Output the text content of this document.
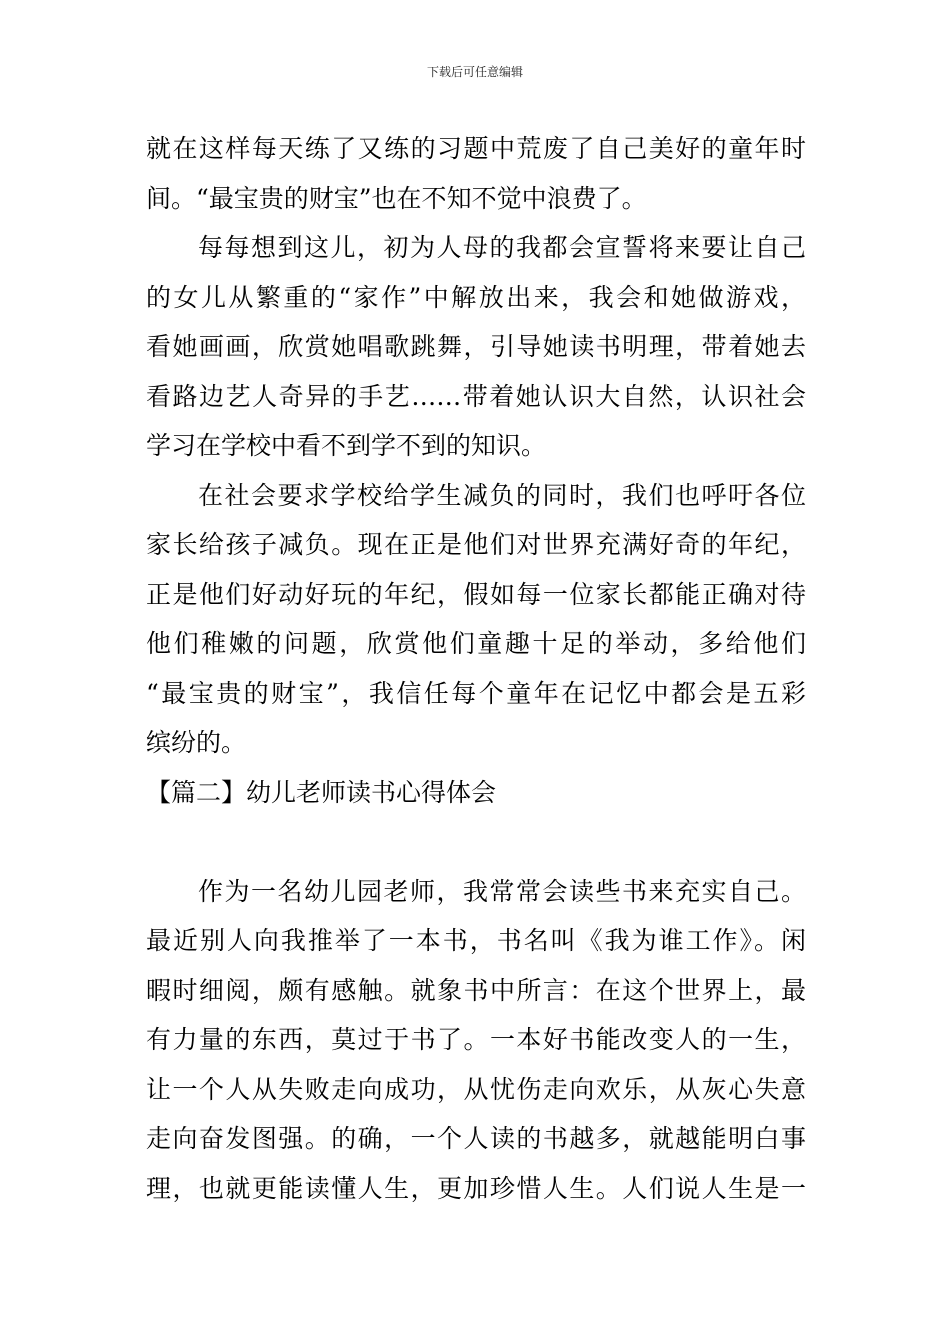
下载后可任意编辑
就在这样每天练了又练的习题中荒废了自己美好的童年时
间。“最宝贵的财宝”也在不知不觉中浪费了。
每每想到这儿，初为人母的我都会宣誓将来要让自己
的女儿从繁重的“家作”中解放出来，我会和她做游戏，
看她画画，欣赏她唱歌跳舞，引导她读书明理，带着她去
看路边艺人奇异的手艺……带着她认识大自然，认识社会
学习在学校中看不到学不到的知识。
在社会要求学校给学生减负的同时，我们也呼吁各位
家长给孩子减负。现在正是他们对世界充满好奇的年纪，
正是他们好动好玩的年纪，假如每一位家长都能正确对待
他们稚嫩的问题，欣赏他们童趣十足的举动，多给他们
“最宝贵的财宝”，我信任每个童年在记忆中都会是五彩
缤纷的。
【篇二】幼儿老师读书心得体会
作为一名幼儿园老师，我常常会读些书来充实自己。
最近别人向我推举了一本书，书名叫《我为谁工作》。闲
暇时细阅，颇有感触。就象书中所言：在这个世界上，最
有力量的东西，莫过于书了。一本好书能改变人的一生，
让一个人从失败走向成功，从忧伤走向欢乐，从灰心失意
走向奋发图强。的确，一个人读的书越多，就越能明白事
理，也就更能读懂人生，更加珍惜人生。人们说人生是一
